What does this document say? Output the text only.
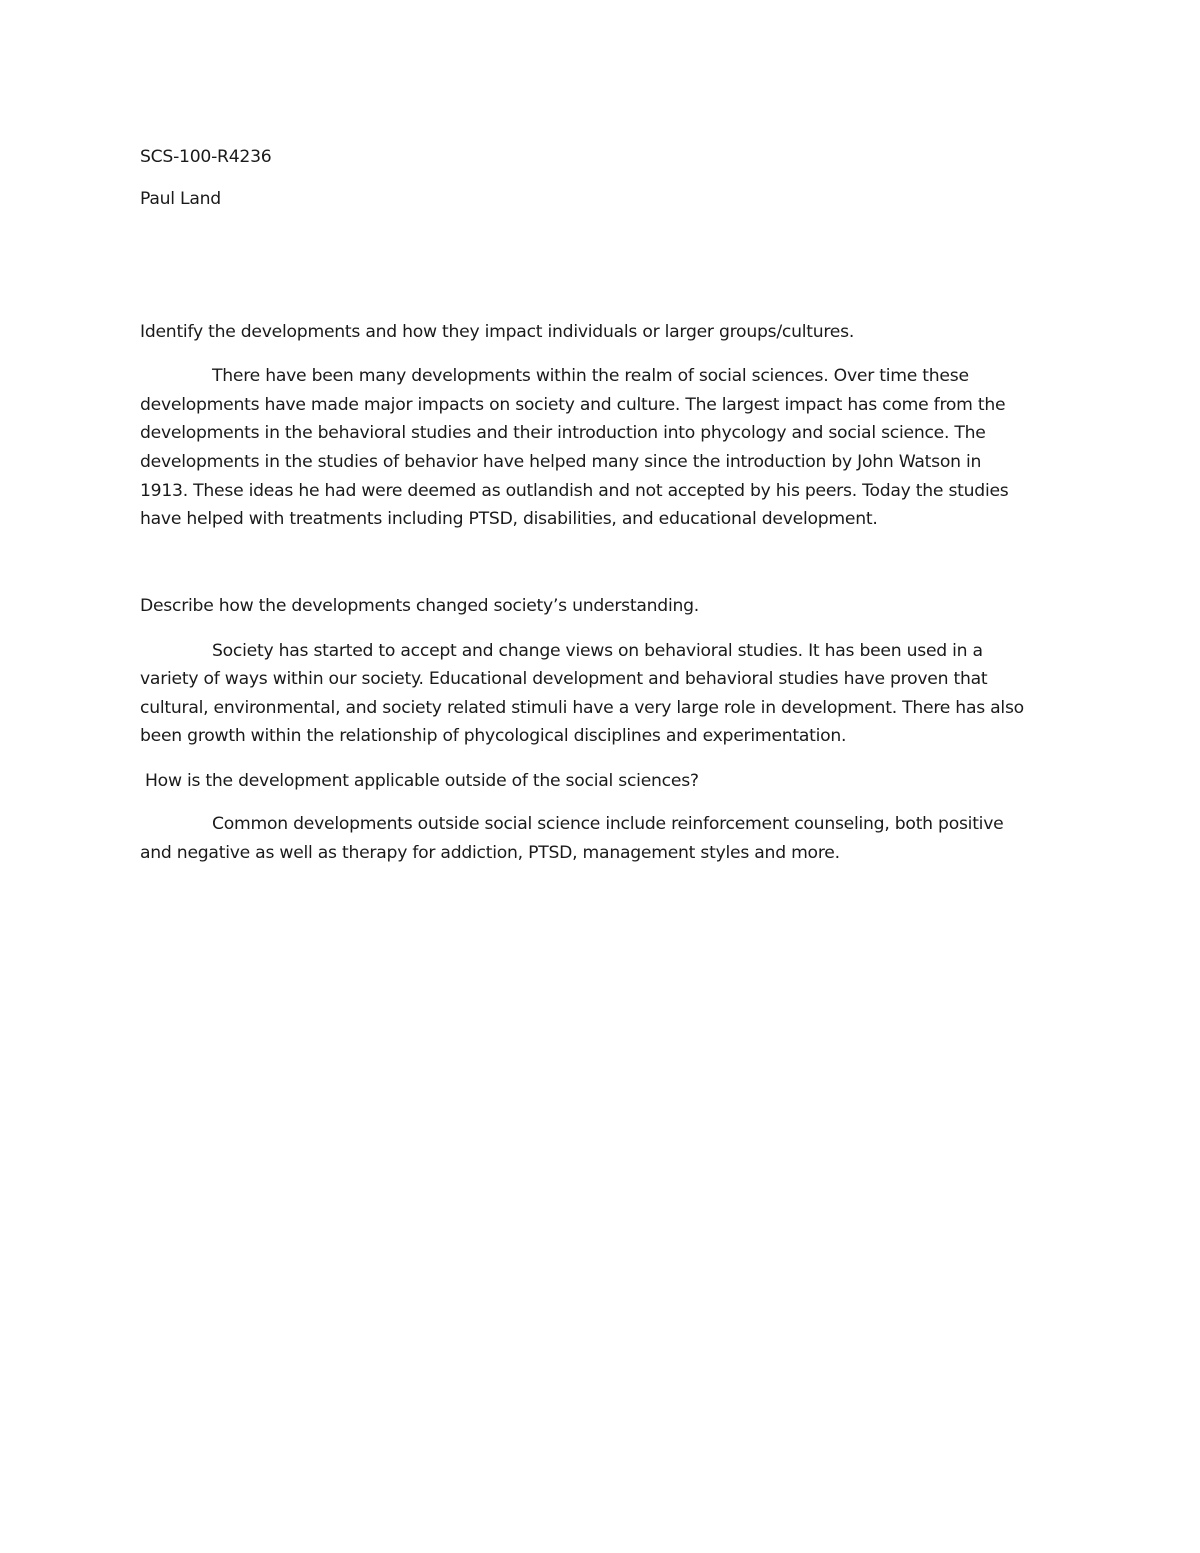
SCS-100-R4236
Paul Land
Identify the developments and how they impact individuals or larger groups/cultures.
There have been many developments within the realm of social sciences. Over time these
developments have made major impacts on society and culture. The largest impact has come from the
developments in the behavioral studies and their introduction into phycology and social science. The
developments in the studies of behavior have helped many since the introduction by John Watson in
1913. These ideas he had were deemed as outlandish and not accepted by his peers. Today the studies
have helped with treatments including PTSD, disabilities, and educational development.
Describe how the developments changed society’s understanding.
Society has started to accept and change views on behavioral studies. It has been used in a
variety of ways within our society. Educational development and behavioral studies have proven that
cultural, environmental, and society related stimuli have a very large role in development. There has also
been growth within the relationship of phycological disciplines and experimentation.
How is the development applicable outside of the social sciences?
Common developments outside social science include reinforcement counseling, both positive
and negative as well as therapy for addiction, PTSD, management styles and more.
